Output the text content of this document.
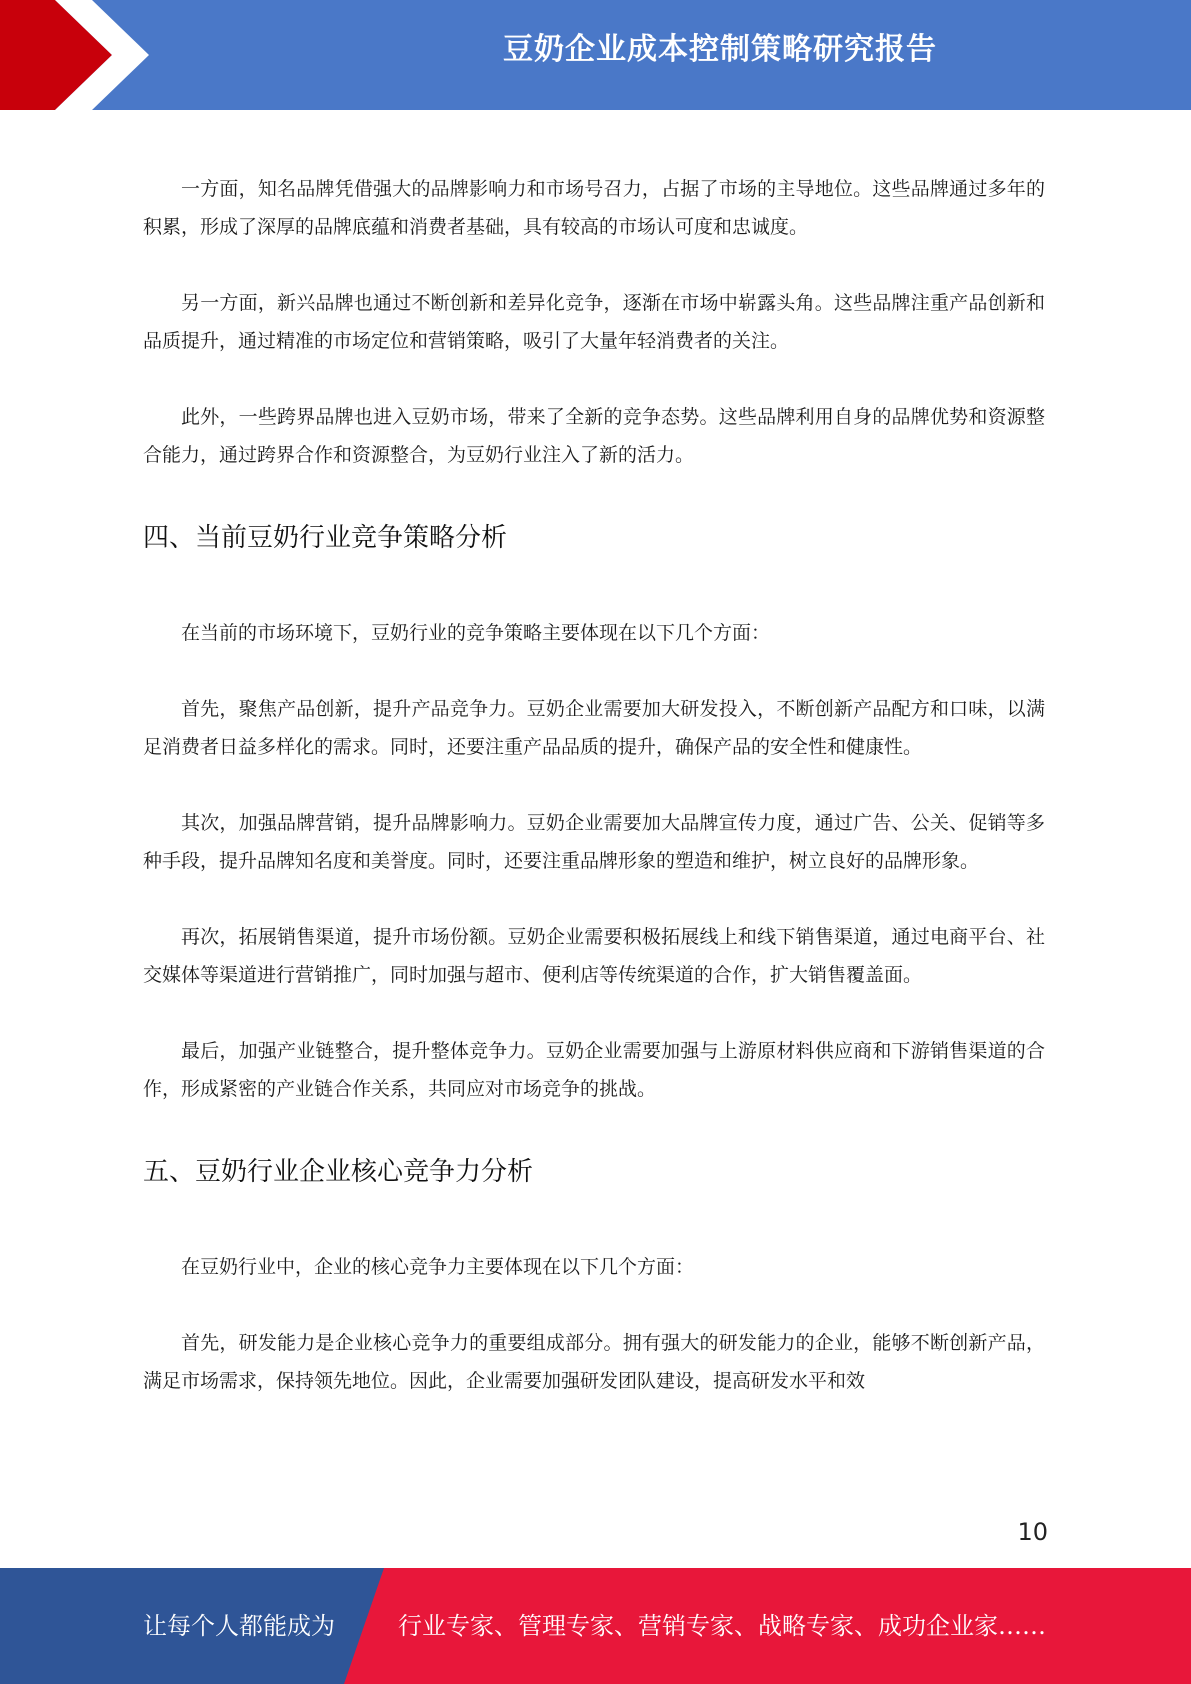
豆奶企业成本控制策略研究报告

一方面，知名品牌凭借强大的品牌影响力和市场号召力，占据了市场的主导地位。这些品牌通过多年的积累，形成了深厚的品牌底蕴和消费者基础，具有较高的市场认可度和忠诚度。

另一方面，新兴品牌也通过不断创新和差异化竞争，逐渐在市场中崭露头角。这些品牌注重产品创新和品质提升，通过精准的市场定位和营销策略，吸引了大量年轻消费者的关注。

此外，一些跨界品牌也进入豆奶市场，带来了全新的竞争态势。这些品牌利用自身的品牌优势和资源整合能力，通过跨界合作和资源整合，为豆奶行业注入了新的活力。

四、当前豆奶行业竞争策略分析

在当前的市场环境下，豆奶行业的竞争策略主要体现在以下几个方面：

首先，聚焦产品创新，提升产品竞争力。豆奶企业需要加大研发投入，不断创新产品配方和口味，以满足消费者日益多样化的需求。同时，还要注重产品品质的提升，确保产品的安全性和健康性。

其次，加强品牌营销，提升品牌影响力。豆奶企业需要加大品牌宣传力度，通过广告、公关、促销等多种手段，提升品牌知名度和美誉度。同时，还要注重品牌形象的塑造和维护，树立良好的品牌形象。

再次，拓展销售渠道，提升市场份额。豆奶企业需要积极拓展线上和线下销售渠道，通过电商平台、社交媒体等渠道进行营销推广，同时加强与超市、便利店等传统渠道的合作，扩大销售覆盖面。

最后，加强产业链整合，提升整体竞争力。豆奶企业需要加强与上游原材料供应商和下游销售渠道的合作，形成紧密的产业链合作关系，共同应对市场竞争的挑战。

五、豆奶行业企业核心竞争力分析

在豆奶行业中，企业的核心竞争力主要体现在以下几个方面：

首先，研发能力是企业核心竞争力的重要组成部分。拥有强大的研发能力的企业，能够不断创新产品，满足市场需求，保持领先地位。因此，企业需要加强研发团队建设，提高研发水平和效

10
让每个人都能成为	行业专家、管理专家、营销专家、战略专家、成功企业家……
